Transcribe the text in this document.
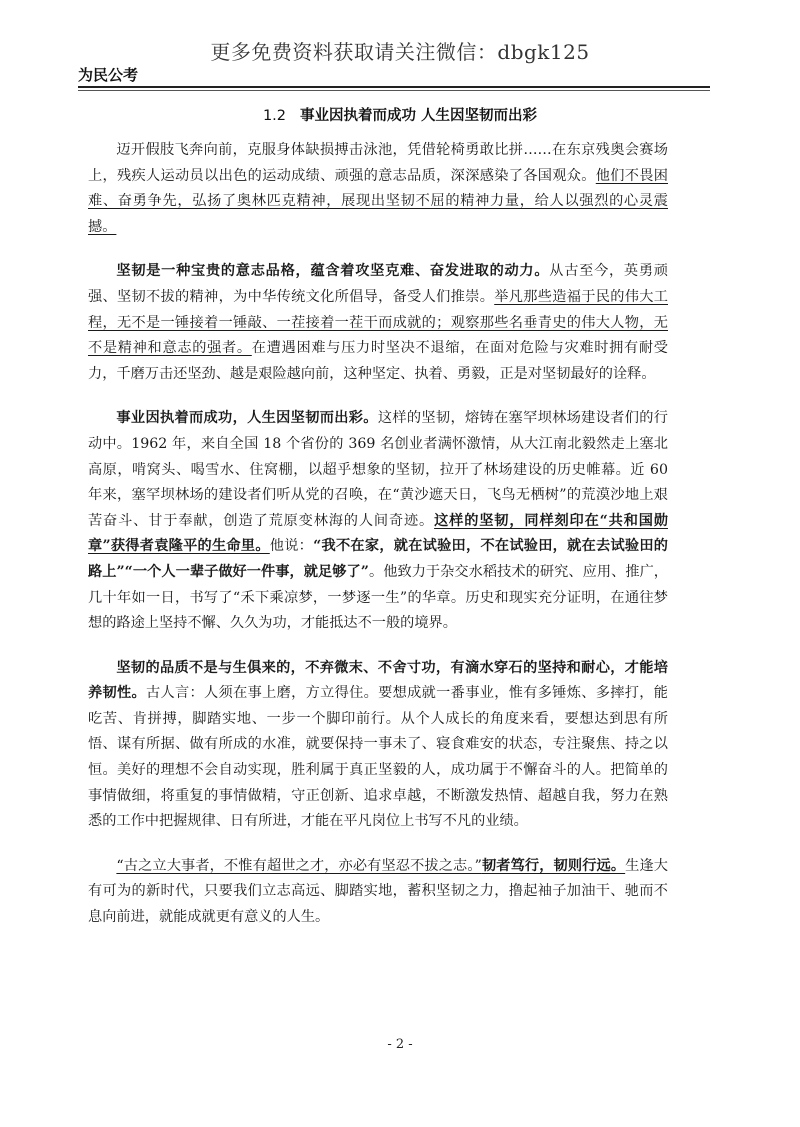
更多免费资料获取请关注微信：dbgk125
为民公考
1.2 事业因执着而成功 人生因坚韧而出彩

迈开假肢飞奔向前，克服身体缺损搏击泳池，凭借轮椅勇敢比拼……在东京残奥会赛场上，残疾人运动员以出色的运动成绩、顽强的意志品质，深深感染了各国观众。他们不畏困难、奋勇争先，弘扬了奥林匹克精神，展现出坚韧不屈的精神力量，给人以强烈的心灵震撼。

坚韧是一种宝贵的意志品格，蕴含着攻坚克难、奋发进取的动力。从古至今，英勇顽强、坚韧不拔的精神，为中华传统文化所倡导，备受人们推崇。举凡那些造福于民的伟大工程，无不是一锤接着一锤敲、一茬接着一茬干而成就的；观察那些名垂青史的伟大人物，无不是精神和意志的强者。在遭遇困难与压力时坚决不退缩，在面对危险与灾难时拥有耐受力，千磨万击还坚劲、越是艰险越向前，这种坚定、执着、勇毅，正是对坚韧最好的诠释。

事业因执着而成功，人生因坚韧而出彩。这样的坚韧，熔铸在塞罕坝林场建设者们的行动中。1962 年，来自全国 18 个省份的 369 名创业者满怀激情，从大江南北毅然走上塞北高原，啃窝头、喝雪水、住窝棚，以超乎想象的坚韧，拉开了林场建设的历史帷幕。近 60 年来，塞罕坝林场的建设者们听从党的召唤，在“黄沙遮天日，飞鸟无栖树”的荒漠沙地上艰苦奋斗、甘于奉献，创造了荒原变林海的人间奇迹。这样的坚韧，同样刻印在“共和国勋章”获得者袁隆平的生命里。他说：“我不在家，就在试验田，不在试验田，就在去试验田的路上”“一个人一辈子做好一件事，就足够了”。他致力于杂交水稻技术的研究、应用、推广，几十年如一日，书写了“禾下乘凉梦，一梦逐一生”的华章。历史和现实充分证明，在通往梦想的路途上坚持不懈、久久为功，才能抵达不一般的境界。

坚韧的品质不是与生俱来的，不弃微末、不舍寸功，有滴水穿石的坚持和耐心，才能培养韧性。古人言：人须在事上磨，方立得住。要想成就一番事业，惟有多锤炼、多摔打，能吃苦、肯拼搏，脚踏实地、一步一个脚印前行。从个人成长的角度来看，要想达到思有所悟、谋有所据、做有所成的水准，就要保持一事未了、寝食难安的状态，专注聚焦、持之以恒。美好的理想不会自动实现，胜利属于真正坚毅的人，成功属于不懈奋斗的人。把简单的事情做细，将重复的事情做精，守正创新、追求卓越，不断激发热情、超越自我，努力在熟悉的工作中把握规律、日有所进，才能在平凡岗位上书写不凡的业绩。

“古之立大事者，不惟有超世之才，亦必有坚忍不拔之志。”韧者笃行，韧则行远。生逢大有可为的新时代，只要我们立志高远、脚踏实地，蓄积坚韧之力，撸起袖子加油干、驰而不息向前进，就能成就更有意义的人生。

- 2 -
